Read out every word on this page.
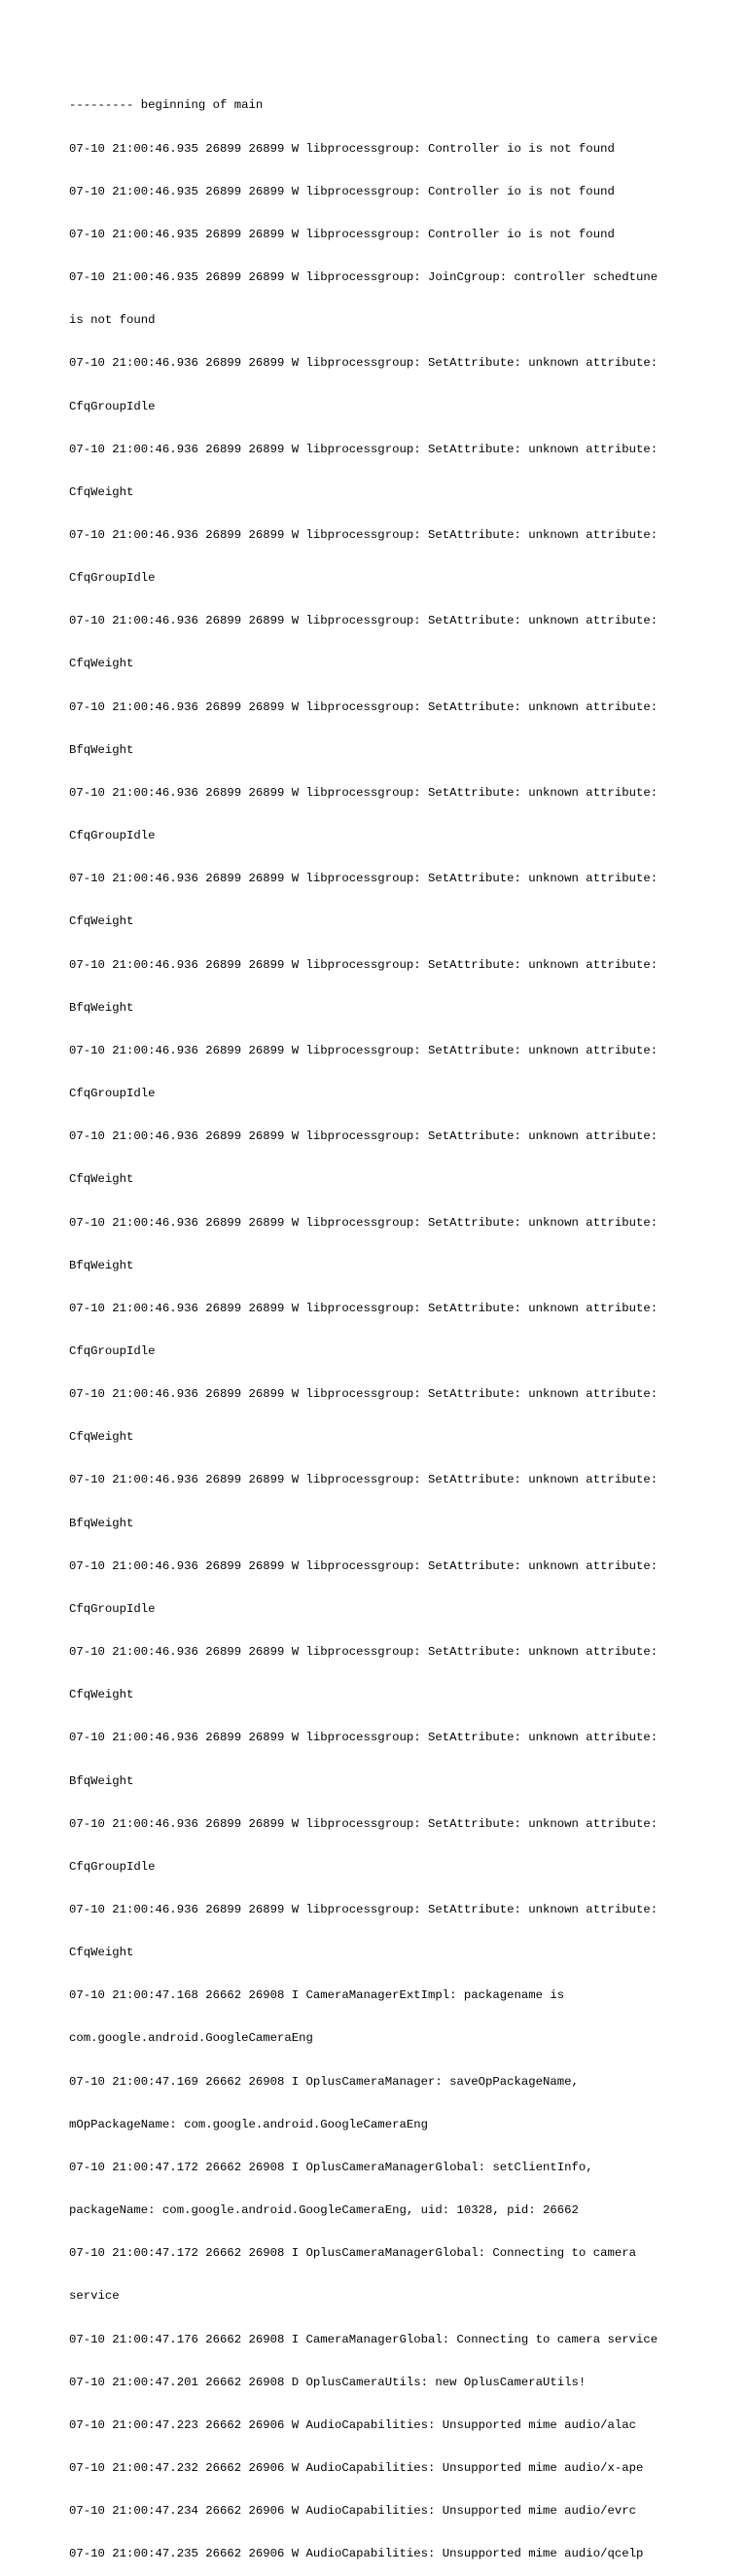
--------- beginning of main

07-10 21:00:46.935 26899 26899 W libprocessgroup: Controller io is not found

07-10 21:00:46.935 26899 26899 W libprocessgroup: Controller io is not found

07-10 21:00:46.935 26899 26899 W libprocessgroup: Controller io is not found

07-10 21:00:46.935 26899 26899 W libprocessgroup: JoinCgroup: controller schedtune

is not found

07-10 21:00:46.936 26899 26899 W libprocessgroup: SetAttribute: unknown attribute:

CfqGroupIdle

07-10 21:00:46.936 26899 26899 W libprocessgroup: SetAttribute: unknown attribute:

CfqWeight

07-10 21:00:46.936 26899 26899 W libprocessgroup: SetAttribute: unknown attribute:

CfqGroupIdle

07-10 21:00:46.936 26899 26899 W libprocessgroup: SetAttribute: unknown attribute:

CfqWeight

07-10 21:00:46.936 26899 26899 W libprocessgroup: SetAttribute: unknown attribute:

BfqWeight

07-10 21:00:46.936 26899 26899 W libprocessgroup: SetAttribute: unknown attribute:

CfqGroupIdle

07-10 21:00:46.936 26899 26899 W libprocessgroup: SetAttribute: unknown attribute:

CfqWeight

07-10 21:00:46.936 26899 26899 W libprocessgroup: SetAttribute: unknown attribute:

BfqWeight

07-10 21:00:46.936 26899 26899 W libprocessgroup: SetAttribute: unknown attribute:

CfqGroupIdle

07-10 21:00:46.936 26899 26899 W libprocessgroup: SetAttribute: unknown attribute:

CfqWeight

07-10 21:00:46.936 26899 26899 W libprocessgroup: SetAttribute: unknown attribute:

BfqWeight

07-10 21:00:46.936 26899 26899 W libprocessgroup: SetAttribute: unknown attribute:

CfqGroupIdle

07-10 21:00:46.936 26899 26899 W libprocessgroup: SetAttribute: unknown attribute:

CfqWeight

07-10 21:00:46.936 26899 26899 W libprocessgroup: SetAttribute: unknown attribute:

BfqWeight

07-10 21:00:46.936 26899 26899 W libprocessgroup: SetAttribute: unknown attribute:

CfqGroupIdle

07-10 21:00:46.936 26899 26899 W libprocessgroup: SetAttribute: unknown attribute:

CfqWeight

07-10 21:00:46.936 26899 26899 W libprocessgroup: SetAttribute: unknown attribute:

BfqWeight

07-10 21:00:46.936 26899 26899 W libprocessgroup: SetAttribute: unknown attribute:

CfqGroupIdle

07-10 21:00:46.936 26899 26899 W libprocessgroup: SetAttribute: unknown attribute:

CfqWeight

07-10 21:00:47.168 26662 26908 I CameraManagerExtImpl: packagename is

com.google.android.GoogleCameraEng

07-10 21:00:47.169 26662 26908 I OplusCameraManager: saveOpPackageName,

mOpPackageName: com.google.android.GoogleCameraEng

07-10 21:00:47.172 26662 26908 I OplusCameraManagerGlobal: setClientInfo,

packageName: com.google.android.GoogleCameraEng, uid: 10328, pid: 26662

07-10 21:00:47.172 26662 26908 I OplusCameraManagerGlobal: Connecting to camera

service

07-10 21:00:47.176 26662 26908 I CameraManagerGlobal: Connecting to camera service

07-10 21:00:47.201 26662 26908 D OplusCameraUtils: new OplusCameraUtils!

07-10 21:00:47.223 26662 26906 W AudioCapabilities: Unsupported mime audio/alac

07-10 21:00:47.232 26662 26906 W AudioCapabilities: Unsupported mime audio/x-ape

07-10 21:00:47.234 26662 26906 W AudioCapabilities: Unsupported mime audio/evrc

07-10 21:00:47.235 26662 26906 W AudioCapabilities: Unsupported mime audio/qcelp
